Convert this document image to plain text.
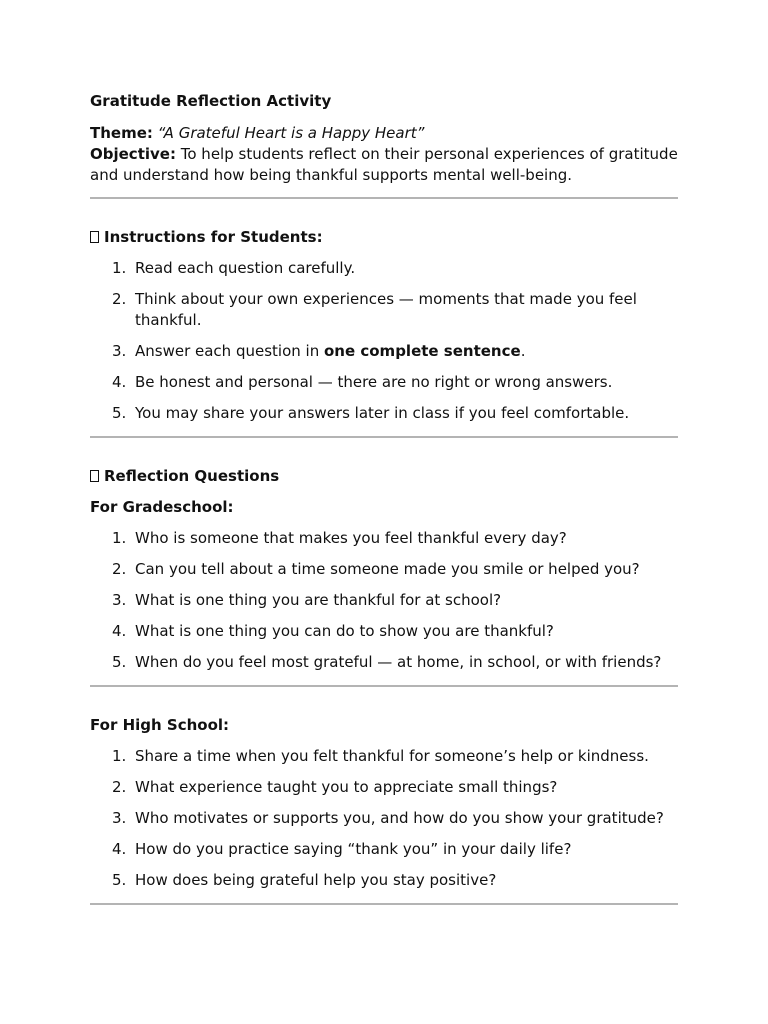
Gratitude Reflection Activity

Theme: “A Grateful Heart is a Happy Heart”

Objective: To help students reflect on their personal experiences of gratitude and understand how being thankful supports mental well-being.

Instructions for Students:

1. Read each question carefully.
2. Think about your own experiences — moments that made you feel thankful.
3. Answer each question in one complete sentence.
4. Be honest and personal — there are no right or wrong answers.
5. You may share your answers later in class if you feel comfortable.

Reflection Questions

For Gradeschool:

1. Who is someone that makes you feel thankful every day?
2. Can you tell about a time someone made you smile or helped you?
3. What is one thing you are thankful for at school?
4. What is one thing you can do to show you are thankful?
5. When do you feel most grateful — at home, in school, or with friends?

For High School:

1. Share a time when you felt thankful for someone’s help or kindness.
2. What experience taught you to appreciate small things?
3. Who motivates or supports you, and how do you show your gratitude?
4. How do you practice saying “thank you” in your daily life?
5. How does being grateful help you stay positive?
